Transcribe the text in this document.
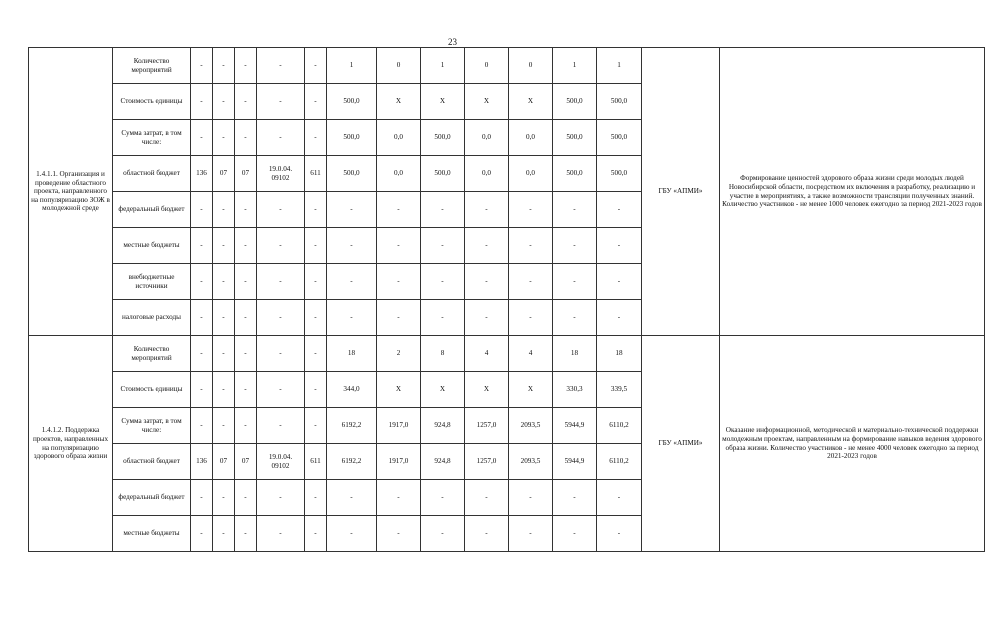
23
1.4.1.1. Организация и проведение областного проекта, направленного на популяризацию ЗОЖ в молодежной среде	Количество мероприятий	-	-	-	-	-	1	0	1	0	0	1	1	ГБУ «АПМИ»	Формирование ценностей здорового образа жизни среди молодых людей Новосибирской области, посредством их включения в разработку, реализацию и участие в мероприятиях, а также возможности трансляции полученных знаний. Количество участников - не менее 1000 человек ежегодно за период 2021-2023 годов
	Стоимость единицы	-	-	-	-	-	500,0	X	X	X	X	500,0	500,0		
	Сумма затрат, в том числе:	-	-	-	-	-	500,0	0,0	500,0	0,0	0,0	500,0	500,0		
	областной бюджет	136	07	07	19.0.04. 09102	611	500,0	0,0	500,0	0,0	0,0	500,0	500,0		
	федеральный бюджет	-	-	-	-	-	-	-	-	-	-	-	-		
	местные бюджеты	-	-	-	-	-	-	-	-	-	-	-	-		
	внебюджетные источники	-	-	-	-	-	-	-	-	-	-	-	-		
	налоговые расходы	-	-	-	-	-	-	-	-	-	-	-	-		
1.4.1.2. Поддержка проектов, направленных на популяризацию здорового образа жизни	Количество мероприятий	-	-	-	-	-	18	2	8	4	4	18	18	ГБУ «АПМИ»	Оказание информационной, методической и материально-технической поддержки молодежным проектам, направленным на формирование навыков ведения здорового образа жизни. Количество участников - не менее 4000 человек ежегодно за период 2021-2023 годов
	Стоимость единицы	-	-	-	-	-	344,0	X	X	X	X	330,3	339,5		
	Сумма затрат, в том числе:	-	-	-	-	-	6192,2	1917,0	924,8	1257,0	2093,5	5944,9	6110,2		
	областной бюджет	136	07	07	19.0.04. 09102	611	6192,2	1917,0	924,8	1257,0	2093,5	5944,9	6110,2		
	федеральный бюджет	-	-	-	-	-	-	-	-	-	-	-	-		
	местные бюджеты	-	-	-	-	-	-	-	-	-	-	-	-		
